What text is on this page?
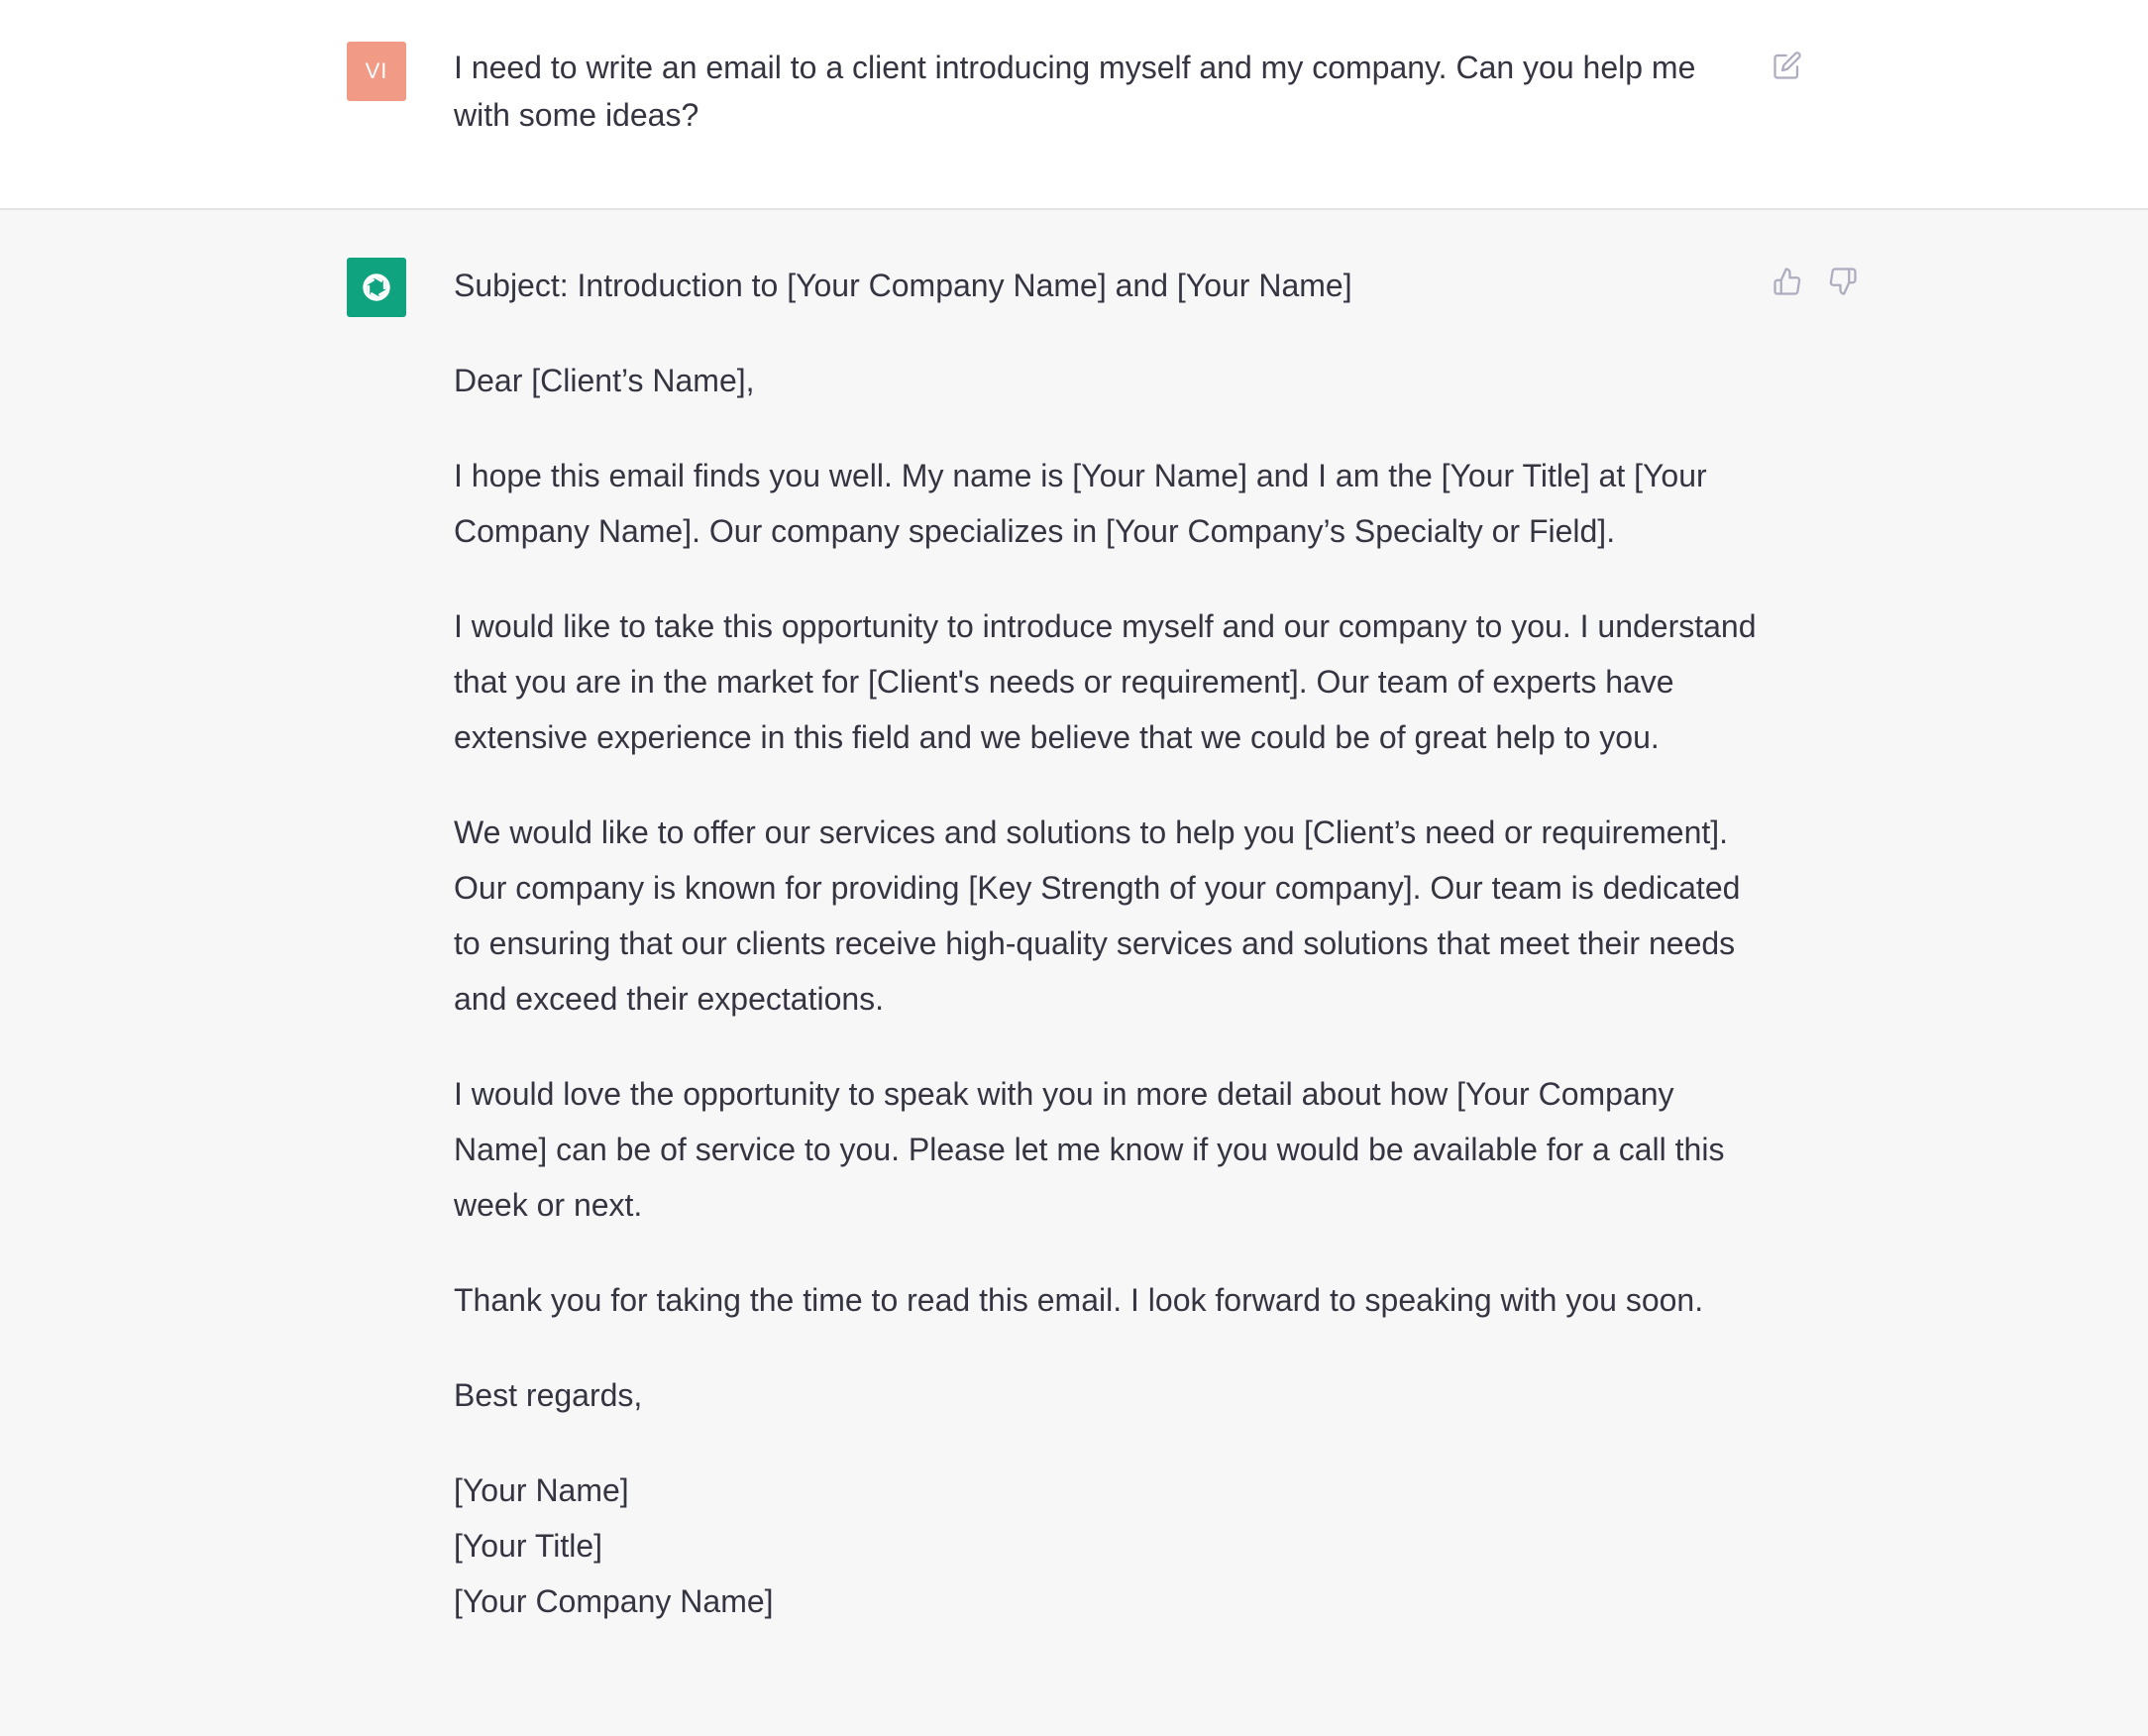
VI I need to write an email to a client introducing myself and my company. Can you help me with some ideas?

Subject: Introduction to [Your Company Name] and [Your Name]

Dear [Client’s Name],

I hope this email finds you well. My name is [Your Name] and I am the [Your Title] at [Your Company Name]. Our company specializes in [Your Company’s Specialty or Field].

I would like to take this opportunity to introduce myself and our company to you. I understand that you are in the market for [Client's needs or requirement]. Our team of experts have extensive experience in this field and we believe that we could be of great help to you.

We would like to offer our services and solutions to help you [Client’s need or requirement]. Our company is known for providing [Key Strength of your company]. Our team is dedicated to ensuring that our clients receive high-quality services and solutions that meet their needs and exceed their expectations.

I would love the opportunity to speak with you in more detail about how [Your Company Name] can be of service to you. Please let me know if you would be available for a call this week or next.

Thank you for taking the time to read this email. I look forward to speaking with you soon.

Best regards,

[Your Name]
[Your Title]
[Your Company Name]
